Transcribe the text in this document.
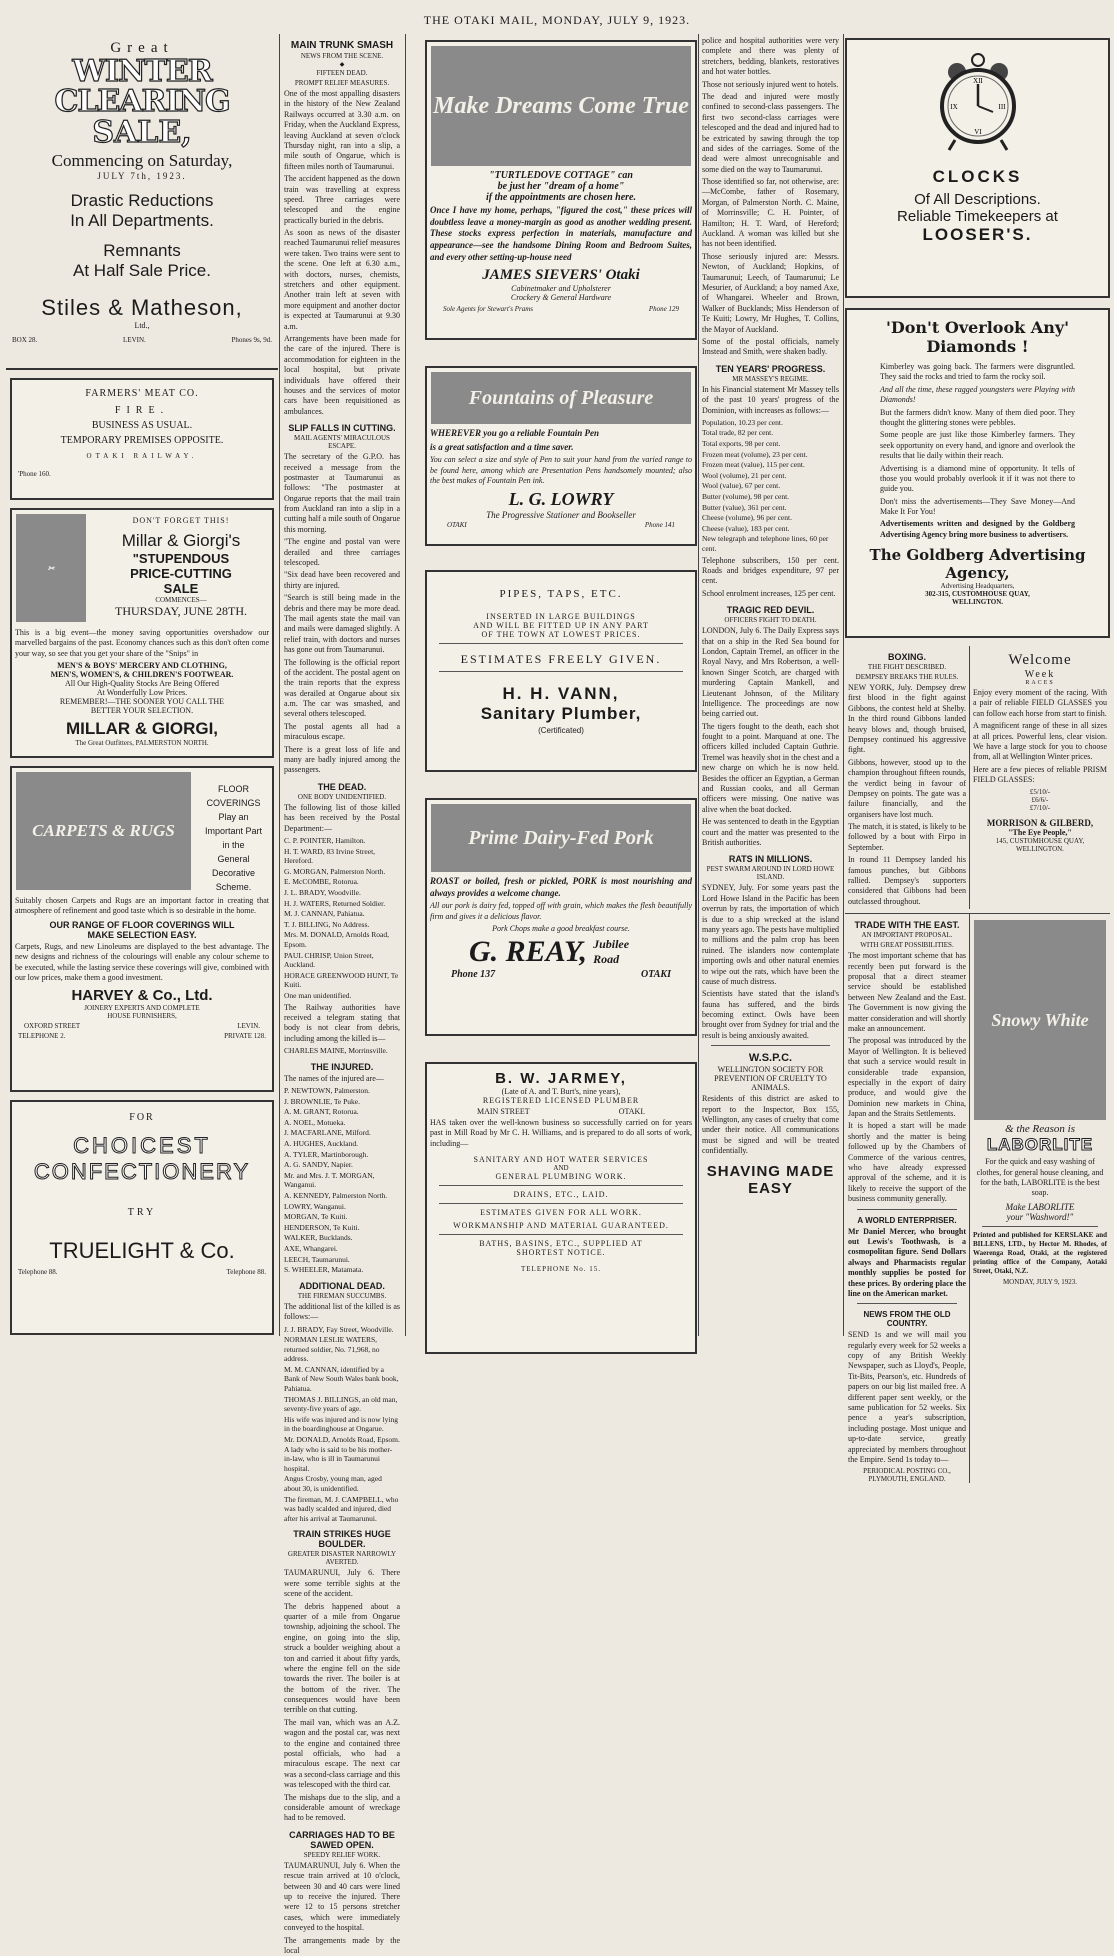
THE OTAKI MAIL, MONDAY, JULY 9, 1923.
Great
WINTER CLEARING
SALE,
Commencing on Saturday,
JULY 7th, 1923.
Drastic Reductions
In All Departments.
Remnants
At Half Sale Price.
Stiles & Matheson,
Ltd.,
BOX 28.	LEVIN.	Phones 9s, 9d.
FARMERS' MEAT CO.
FIRE.
BUSINESS AS USUAL.
TEMPORARY PREMISES OPPOSITE.
OTAKI RAILWAY.
'Phone 160.
✂
DON'T FORGET THIS!
Millar & Giorgi's
"STUPENDOUS
PRICE-CUTTING
SALE
COMMENCES—
THURSDAY, JUNE 28TH.
This is a big event—the money saving opportunities overshadow our marvelled bargains of the past. Economy chances such as this don't often come your way, so see that you get your share of the "Snips" in
MEN'S & BOYS' MERCERY AND CLOTHING,
MEN'S, WOMEN'S, & CHILDREN'S FOOTWEAR.
All Our High-Quality Stocks Are Being Offered
At Wonderfully Low Prices.
REMEMBER!—THE SOONER YOU CALL THE
BETTER YOUR SELECTION.
MILLAR & GIORGI,
The Great Outfitters, PALMERSTON NORTH.
CARPETS & RUGS
FLOOR
COVERINGS
Play an
Important Part
in the
General
Decorative
Scheme.
Suitably chosen Carpets and Rugs are an important factor in creating that atmosphere of refinement and good taste which is so desirable in the home.
OUR RANGE OF FLOOR COVERINGS WILL
MAKE SELECTION EASY.
Carpets, Rugs, and new Linoleums are displayed to the best advantage. The new designs and richness of the colourings will enable any colour scheme to be executed, while the lasting service these coverings will give, combined with our low prices, make them a good investment.
HARVEY & Co., Ltd.
JOINERY EXPERTS AND COMPLETE
HOUSE FURNISHERS,
OXFORD STREET	LEVIN.
TELEPHONE 2.	PRIVATE 128.
FOR
CHOICEST
CONFECTIONERY
TRY
TRUELIGHT & Co.
Telephone 88.	Telephone 88.
MAIN TRUNK SMASH
NEWS FROM THE SCENE.
◆
FIFTEEN DEAD.
PROMPT RELIEF MEASURES.
One of the most appalling disasters in the history of the New Zealand Railways occurred at 3.30 a.m. on Friday, when the Auckland Express, leaving Auckland at seven o'clock Thursday night, ran into a slip, a mile south of Ongarue, which is fifteen miles north of Taumarunui.
The accident happened as the down train was travelling at express speed. Three carriages were telescoped and the engine practically buried in the debris.
As soon as news of the disaster reached Taumarunui relief measures were taken. Two trains were sent to the scene. One left at 6.30 a.m., with doctors, nurses, chemists, stretchers and other equipment. Another train left at seven with more equipment and another doctor is expected at Taumarunui at 9.30 a.m.
Arrangements have been made for the care of the injured. There is accommodation for eighteen in the local hospital, but private individuals have offered their houses and the services of motor cars have been requisitioned as ambulances.
SLIP FALLS IN CUTTING.
MAIL AGENTS' MIRACULOUS ESCAPE.
The secretary of the G.P.O. has received a message from the postmaster at Taumarunui as follows: "The postmaster at Ongarue reports that the mail train from Auckland ran into a slip in a cutting half a mile south of Ongarue this morning.
"The engine and postal van were derailed and three carriages telescoped.
"Six dead have been recovered and thirty are injured.
"Search is still being made in the debris and there may be more dead. The mail agents state the mail van and mails were damaged slightly. A relief train, with doctors and nurses has gone out from Taumarunui.
The following is the official report of the accident. The postal agent on the train reports that the express was derailed at Ongarue about six a.m. The car was smashed, and several others telescoped.
The postal agents all had a miraculous escape.
There is a great loss of life and many are badly injured among the passengers.
THE DEAD.
ONE BODY UNIDENTIFIED.
The following list of those killed has been received by the Postal Department:—
C. P. POINTER, Hamilton.
H. T. WARD, 83 Irvine Street, Hereford.
G. MORGAN, Palmerston North.
E. McCOMBE, Rotorua.
J. L. BRADY, Woodville.
H. J. WATERS, Returned Soldier.
M. J. CANNAN, Pahiatua.
T. J. BILLING, No Address.
Mrs. M. DONALD, Arnolds Road, Epsom.
PAUL CHRISP, Union Street, Auckland.
HORACE GREENWOOD HUNT, Te Kuiti.
One man unidentified.
The Railway authorities have received a telegram stating that body is not clear from debris, including among the killed is—
CHARLES MAINE, Morrinsville.
THE INJURED.
The names of the injured are—
P. NEWTOWN, Palmerston.
J. BROWNLIE, Te Puke.
A. M. GRANT, Rotorua.
A. NOEL, Motueka.
J. MACFARLANE, Milford.
A. HUGHES, Auckland.
A. TYLER, Martinborough.
A. G. SANDY, Napier.
Mr. and Mrs. J. T. MORGAN, Wanganui.
A. KENNEDY, Palmerston North.
LOWRY, Wanganui.
MORGAN, Te Kuiti.
HENDERSON, Te Kuiti.
WALKER, Bucklands.
AXE, Whangarei.
LEECH, Taumarunui.
S. WHEELER, Matamata.
ADDITIONAL DEAD.
THE FIREMAN SUCCUMBS.
The additional list of the killed is as follows:—
J. J. BRADY, Fay Street, Woodville.
NORMAN LESLIE WATERS, returned soldier, No. 71,968, no address.
M. M. CANNAN, identified by a Bank of New South Wales bank book, Pahiatua.
THOMAS J. BILLINGS, an old man, seventy-five years of age.
His wife was injured and is now lying in the boardinghouse at Ongarue.
Mr. DONALD, Arnolds Road, Epsom. A lady who is said to be his mother-in-law, who is ill in Taumarunui hospital.
Angus Crosby, young man, aged about 30, is unidentified.
The fireman, M. J. CAMPBELL, who was badly scalded and injured, died after his arrival at Taumarunui.
TRAIN STRIKES HUGE BOULDER.
GREATER DISASTER NARROWLY AVERTED.
TAUMARUNUI, July 6. There were some terrible sights at the scene of the accident.
The debris happened about a quarter of a mile from Ongarue township, adjoining the school. The engine, on going into the slip, struck a boulder weighing about a ton and carried it about fifty yards, where the engine fell on the side towards the river. The boiler is at the bottom of the river. The consequences would have been terrible on that cutting.
The mail van, which was an A.Z. wagon and the postal car, was next to the engine and contained three postal officials, who had a miraculous escape. The next car was a second-class carriage and this was telescoped with the third car.
The mishaps due to the slip, and a considerable amount of wreckage had to be removed.
CARRIAGES HAD TO BE SAWED OPEN.
SPEEDY RELIEF WORK.
TAUMARUNUI, July 6. When the rescue train arrived at 10 o'clock, between 30 and 40 cars were lined up to receive the injured. There were 12 to 15 persons stretcher cases, which were immediately conveyed to the hospital.
The arrangements made by the local
Make Dreams Come True
"TURTLEDOVE COTTAGE" can
be just her "dream of a home"
if the appointments are chosen here.
Once I have my home, perhaps, "figured the cost," these prices will doubtless leave a money-margin as good as another wedding present. These stocks express perfection in materials, manufacture and appearance—see the handsome Dining Room and Bedroom Suites, and every other setting-up-house need
JAMES SIEVERS' Otaki
Cabinetmaker and Upholsterer
Crockery & General Hardware
Sole Agents for Stewart's Prams	Phone 129
Fountains of Pleasure
WHEREVER you go a reliable Fountain Pen
is a great satisfaction and a time saver.
You can select a size and style of Pen to suit your hand from the varied range to be found here, among which are Presentation Pens handsomely mounted; also the best makes of Fountain Pen ink.
L. G. LOWRY
The Progressive Stationer and Bookseller
OTAKI	Phone 141
PIPES, TAPS, ETC.
INSERTED IN LARGE BUILDINGS
AND WILL BE FITTED UP IN ANY PART
OF THE TOWN AT LOWEST PRICES.
ESTIMATES FREELY GIVEN.
H. H. VANN,
Sanitary Plumber,
(Certificated)
Prime Dairy-Fed Pork
ROAST or boiled, fresh or pickled, PORK is most nourishing and always provides a welcome change.
All our pork is dairy fed, topped off with grain, which makes the flesh beautifully firm and gives it a delicious flavor.
Pork Chops make a good breakfast course.
G. REAY, Jubilee Road
Phone 137	OTAKI
B. W. JARMEY,
(Late of A. and T. Burt's, nine years),
REGISTERED LICENSED PLUMBER
MAIN STREET	OTAKI.
HAS taken over the well-known business so successfully carried on for years past in Mill Road by Mr C. H. Williams, and is prepared to do all sorts of work, including—
SANITARY AND HOT WATER SERVICES
AND
GENERAL PLUMBING WORK.
DRAINS, ETC., LAID.
ESTIMATES GIVEN FOR ALL WORK.
WORKMANSHIP AND MATERIAL GUARANTEED.
BATHS, BASINS, ETC., SUPPLIED AT
SHORTEST NOTICE.
TELEPHONE No. 15.
police and hospital authorities were very complete and there was plenty of stretchers, bedding, blankets, restoratives and hot water bottles.
Those not seriously injured went to hotels.
The dead and injured were mostly confined to second-class passengers. The first two second-class carriages were telescoped and the dead and injured had to be extricated by sawing through the top and sides of the carriages. Some of the dead were almost unrecognisable and some died on the way to Taumarunui.
Those identified so far, not otherwise, are:—McCombe, father of Rosemary, Morgan, of Palmerston North. C. Maine, of Morrinsville; C. H. Pointer, of Hamilton; H. T. Ward, of Hereford; Auckland. A woman was killed but she has not been identified.
Those seriously injured are: Messrs. Newton, of Auckland; Hopkins, of Taumarunui; Leech, of Taumarunui; Le Mesurier, of Auckland; a boy named Axe, of Whangarei. Wheeler and Brown, Walker of Bucklands; Miss Henderson of Te Kuiti; Lowry, Mr Hughes, T. Collins, the Mayor of Auckland.
Some of the postal officials, namely Imstead and Smith, were shaken badly.
TEN YEARS' PROGRESS.
MR MASSEY'S REGIME.
In his Financial statement Mr Massey tells of the past 10 years' progress of the Dominion, with increases as follows:—
Population, 10.23 per cent.
Total trade, 82 per cent.
Total exports, 98 per cent.
Frozen meat (volume), 23 per cent.
Frozen meat (value), 115 per cent.
Wool (volume), 21 per cent.
Wool (value), 67 per cent.
Butter (volume), 98 per cent.
Butter (value), 361 per cent.
Cheese (volume), 96 per cent.
Cheese (value), 183 per cent.
New telegraph and telephone lines, 60 per cent.
Telephone subscribers, 150 per cent. Roads and bridges expenditure, 97 per cent.
School enrolment increases, 125 per cent.
TRAGIC RED DEVIL.
OFFICERS FIGHT TO DEATH.
LONDON, July 6. The Daily Express says that on a ship in the Red Sea bound for London, Captain Tremel, an officer in the Royal Navy, and Mrs Robertson, a well-known Singer Scotch, are charged with murdering Captain Mankell, and Lieutenant Johnson, of the Military Intelligence. The proceedings are now being carried out.
The tigers fought to the death, each shot fought to a point. Marquand at one. The officers killed included Captain Guthrie. Tremel was heavily shot in the chest and a new charge on which he is now held. Besides the officer an Egyptian, a German and Russian cooks, and all German officers were missing. One native was alive when the boat docked.
He was sentenced to death in the Egyptian court and the matter was presented to the British authorities.
RATS IN MILLIONS.
PEST SWARM AROUND IN LORD HOWE ISLAND.
SYDNEY, July. For some years past the Lord Howe Island in the Pacific has been overrun by rats, the importation of which is due to a ship wrecked at the island many years ago. The pests have multiplied to millions and the palm crop has been ruined. The islanders now contemplate importing owls and other natural enemies to wipe out the rats, which have been the cause of much distress.
Scientists have stated that the island's fauna has suffered, and the birds becoming extinct. Owls have been brought over from Sydney for trial and the result is being anxiously awaited.
W.S.P.C.
WELLINGTON SOCIETY FOR PREVENTION OF CRUELTY TO ANIMALS.
Residents of this district are asked to report to the Inspector, Box 155, Wellington, any cases of cruelty that come under their notice. All communications must be signed and will be treated confidentially.
SHAVING MADE EASY
XII
III
VI
IX
CLOCKS
Of All Descriptions.
Reliable Timekeepers at
LOOSER'S.
'Don't Overlook Any'
Diamonds !
Kimberley was going back. The farmers were disgruntled. They said the rocks and tried to farm the rocky soil.
And all the time, these ragged youngsters were Playing with Diamonds!
But the farmers didn't know. Many of them died poor. They thought the glittering stones were pebbles.
Some people are just like those Kimberley farmers. They seek opportunity on every hand, and ignore and overlook the results that lie daily within their reach.
Advertising is a diamond mine of opportunity. It tells of those you would probably overlook it if it was not there to guide you.
Don't miss the advertisements—They Save Money—And Make It For You!
Advertisements written and designed by the Goldberg Advertising Agency bring more business to advertisers.
The Goldberg Advertising Agency,
Advertising Headquarters,
302-315, CUSTOMHOUSE QUAY,
WELLINGTON.
BOXING.
THE FIGHT DESCRIBED.
DEMPSEY BREAKS THE RULES.
NEW YORK, July. Dempsey drew first blood in the fight against Gibbons, the contest held at Shelby. In the third round Gibbons landed heavy blows and, though bruised, Dempsey continued his aggressive fight.
Gibbons, however, stood up to the champion throughout fifteen rounds, the verdict being in favour of Dempsey on points. The gate was a failure financially, and the organisers have lost much.
The match, it is stated, is likely to be followed by a bout with Firpo in September.
In round 11 Dempsey landed his famous punches, but Gibbons rallied. Dempsey's supporters considered that Gibbons had been outclassed throughout.
Welcome
Week
RACES
Enjoy every moment of the racing. With a pair of reliable FIELD GLASSES you can follow each horse from start to finish.
A magnificent range of these in all sizes at all prices. Powerful lens, clear vision. We have a large stock for you to choose from, all at Wellington Winter prices.
Here are a few pieces of reliable PRISM FIELD GLASSES:
£5/10/-
£6/6/-
£7/10/-
MORRISON & GILBERD,
"The Eye People,"
145, CUSTOMHOUSE QUAY,
WELLINGTON.
TRADE WITH THE EAST.
AN IMPORTANT PROPOSAL.
WITH GREAT POSSIBILITIES.
The most important scheme that has recently been put forward is the proposal that a direct steamer service should be established between New Zealand and the East. The Government is now giving the matter consideration and will shortly make an announcement.
The proposal was introduced by the Mayor of Wellington. It is believed that such a service would result in considerable trade expansion, especially in the export of dairy produce, and would give the Dominion new markets in China, Japan and the Straits Settlements.
It is hoped a start will be made shortly and the matter is being followed up by the Chambers of Commerce of the various centres, who have already expressed approval of the scheme, and it is likely to receive the support of the business community generally.
A WORLD ENTERPRISER.
Mr Daniel Mercer, who brought out Lewis's Toothwash, is a cosmopolitan figure. Send Dollars always and Pharmacists regular monthly supplies be posted for these prices. By ordering place the line on the American market.
NEWS FROM THE OLD COUNTRY.
SEND 1s and we will mail you regularly every week for 52 weeks a copy of any British Weekly Newspaper, such as Lloyd's, People, Tit-Bits, Pearson's, etc. Hundreds of papers on our big list mailed free. A different paper sent weekly, or the same publication for 52 weeks. Six pence a year's subscription, including postage. Most unique and up-to-date service, greatly appreciated by members throughout the Empire. Send 1s today to—
PERIODICAL POSTING CO., PLYMOUTH, ENGLAND.
Snowy White
& the Reason is
LABORLITE
For the quick and easy washing of clothes, for general house cleaning, and for the bath, LABORLITE is the best soap.
Make LABORLITE
your "Washword!"
Printed and published for KERSLAKE and BILLENS, LTD., by Hector M. Rhodes, of Waerenga Road, Otaki, at the registered printing office of the Company, Aotaki Street, Otaki, N.Z.
MONDAY, JULY 9, 1923.
